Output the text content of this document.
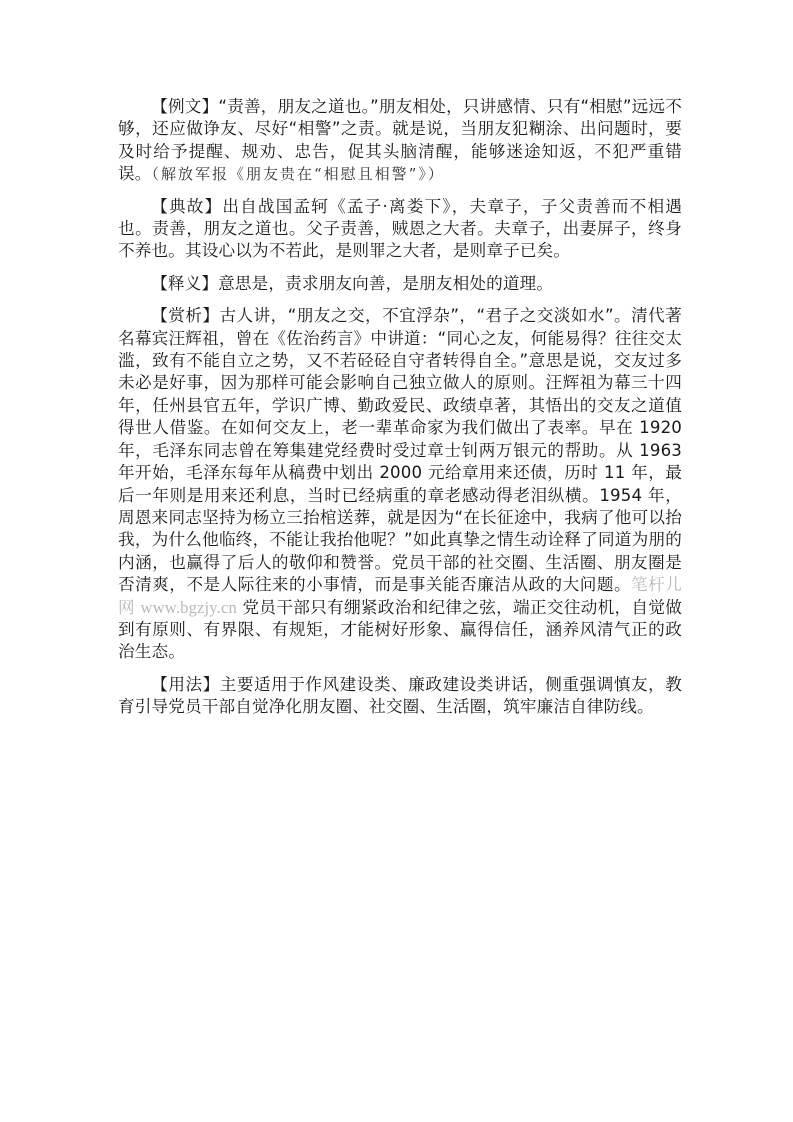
【例文】“责善，朋友之道也。”朋友相处，只讲感情、只有“相慰”远远不够，还应做诤友、尽好“相警”之责。就是说，当朋友犯糊涂、出问题时，要及时给予提醒、规劝、忠告，促其头脑清醒，能够迷途知返，不犯严重错误。（解放军报《朋友贵在“相慰且相警”》）

【典故】出自战国孟轲《孟子·离娄下》，夫章子，子父责善而不相遇也。责善，朋友之道也。父子责善，贼恩之大者。夫章子，出妻屏子，终身不养也。其设心以为不若此，是则罪之大者，是则章子已矣。

【释义】意思是，责求朋友向善，是朋友相处的道理。

【赏析】古人讲，“朋友之交，不宜浮杂”，“君子之交淡如水”。清代著名幕宾汪辉祖，曾在《佐治药言》中讲道：“同心之友，何能易得？往往交太滥，致有不能自立之势，又不若硁硁自守者转得自全。”意思是说，交友过多未必是好事，因为那样可能会影响自己独立做人的原则。汪辉祖为幕三十四年，任州县官五年，学识广博、勤政爱民、政绩卓著，其悟出的交友之道值得世人借鉴。在如何交友上，老一辈革命家为我们做出了表率。早在 1920 年，毛泽东同志曾在筹集建党经费时受过章士钊两万银元的帮助。从 1963 年开始，毛泽东每年从稿费中划出 2000 元给章用来还债，历时 11 年，最后一年则是用来还利息，当时已经病重的章老感动得老泪纵横。1954 年，周恩来同志坚持为杨立三抬棺送葬，就是因为“在长征途中，我病了他可以抬我，为什么他临终，不能让我抬他呢？”如此真挚之情生动诠释了同道为朋的内涵，也赢得了后人的敬仰和赞誉。党员干部的社交圈、生活圈、朋友圈是否清爽，不是人际往来的小事情，而是事关能否廉洁从政的大问题。笔杆儿网 www.bgzjy.cn 党员干部只有绷紧政治和纪律之弦，端正交往动机，自觉做到有原则、有界限、有规矩，才能树好形象、赢得信任，涵养风清气正的政治生态。

【用法】主要适用于作风建设类、廉政建设类讲话，侧重强调慎友，教育引导党员干部自觉净化朋友圈、社交圈、生活圈，筑牢廉洁自律防线。
